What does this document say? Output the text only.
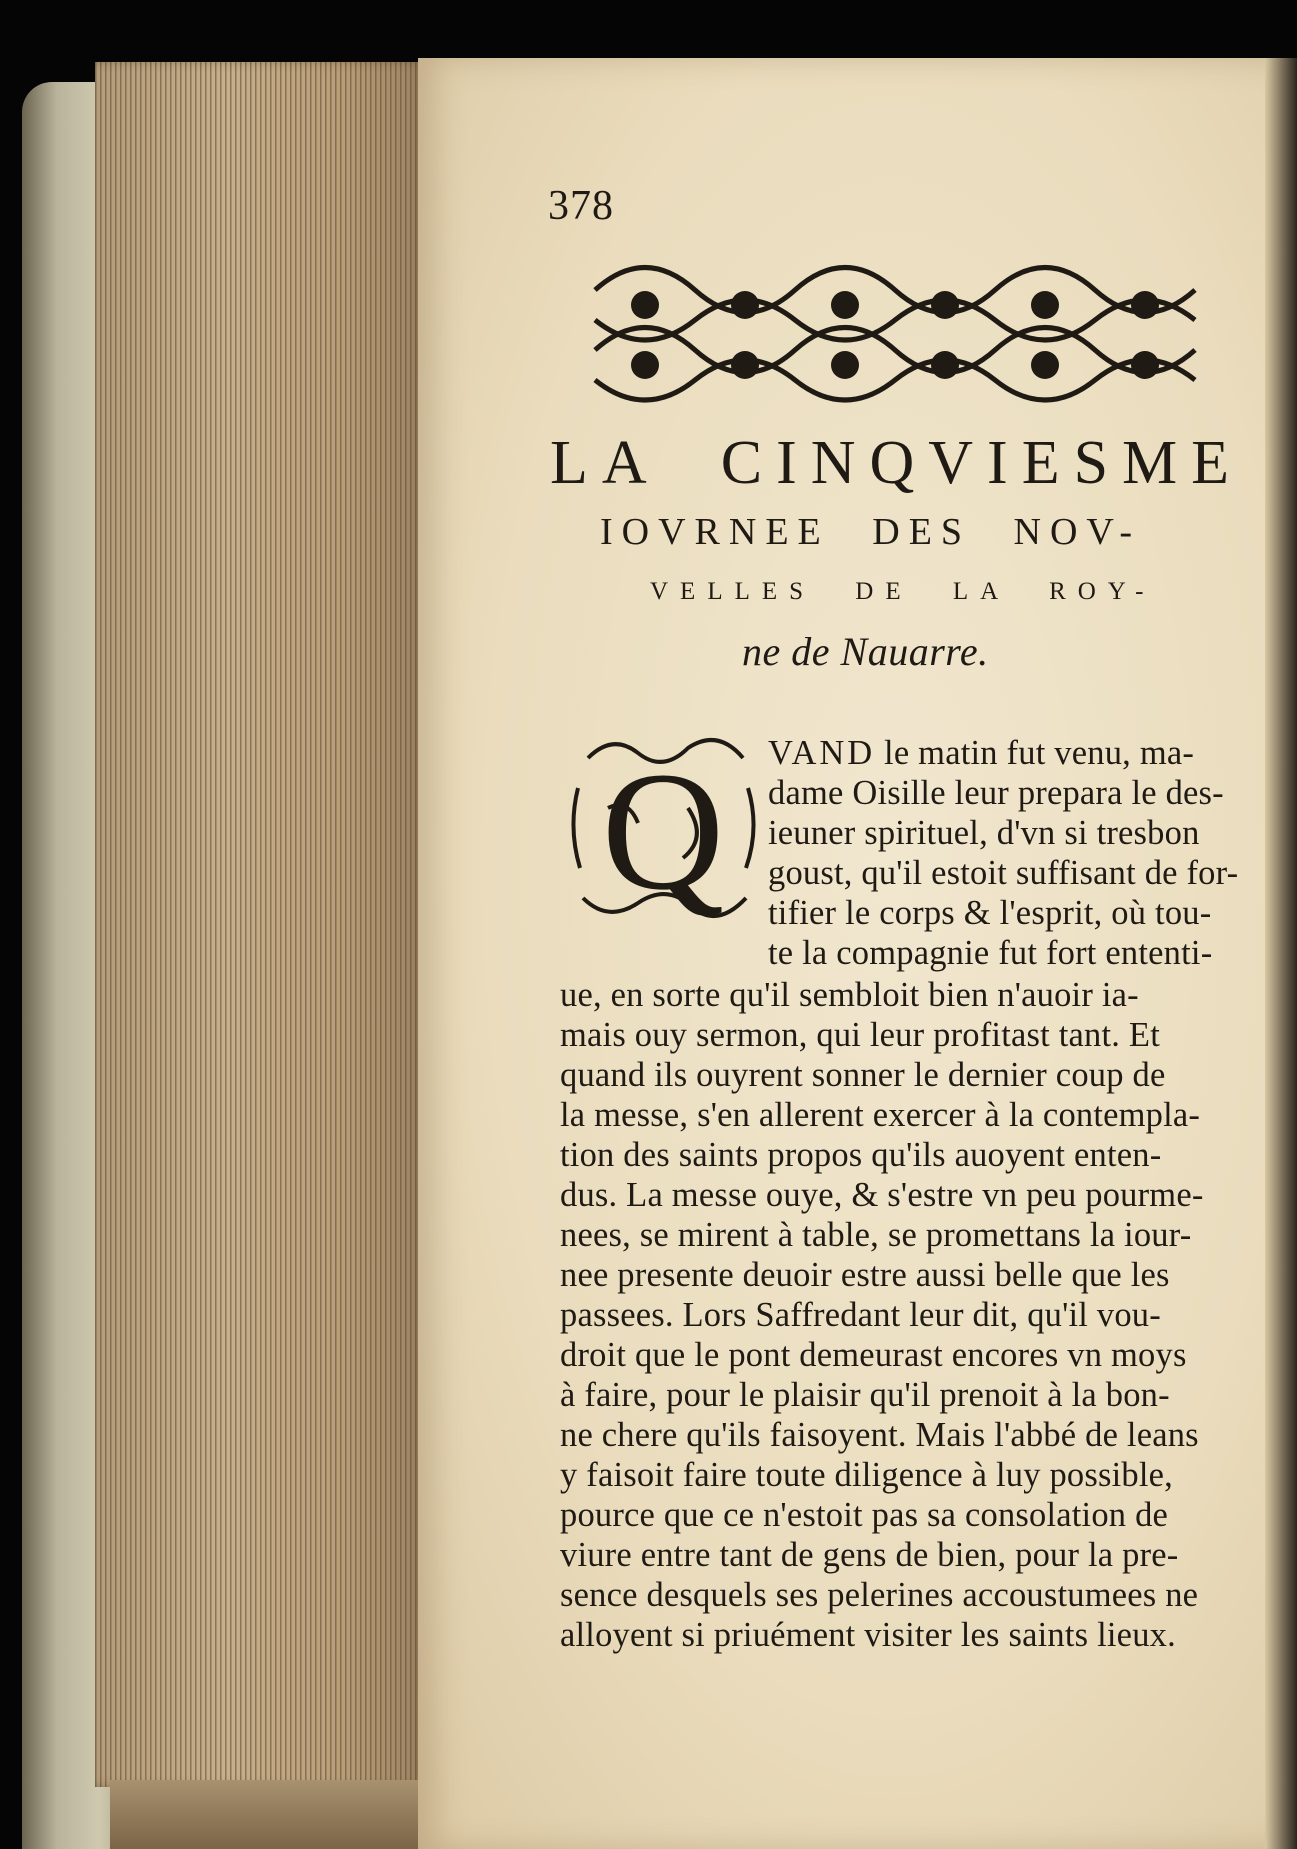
378
LA CINQVIESME
IOVRNEE DES NOV-
VELLES DE LA ROY-
ne de Nauarre.
Q VAND le matin fut venu, ma-
dame Oisille leur prepara le des-
ieuner spirituel, d'vn si tresbon
goust, qu'il estoit suffisant de for-
tifier le corps & l'esprit, où tou-
te la compagnie fut fort ententi-
ue, en sorte qu'il sembloit bien n'auoir ia-
mais ouy sermon, qui leur profitast tant. Et
quand ils ouyrent sonner le dernier coup de
la messe, s'en allerent exercer à la contempla-
tion des saints propos qu'ils auoyent enten-
dus. La messe ouye, & s'estre vn peu pourme-
nees, se mirent à table, se promettans la iour-
nee presente deuoir estre aussi belle que les
passees. Lors Saffredant leur dit, qu'il vou-
droit que le pont demeurast encores vn moys
à faire, pour le plaisir qu'il prenoit à la bon-
ne chere qu'ils faisoyent. Mais l'abbé de leans
y faisoit faire toute diligence à luy possible,
pource que ce n'estoit pas sa consolation de
viure entre tant de gens de bien, pour la pre-
sence desquels ses pelerines accoustumees ne
alloyent si priuément visiter les saints lieux.
